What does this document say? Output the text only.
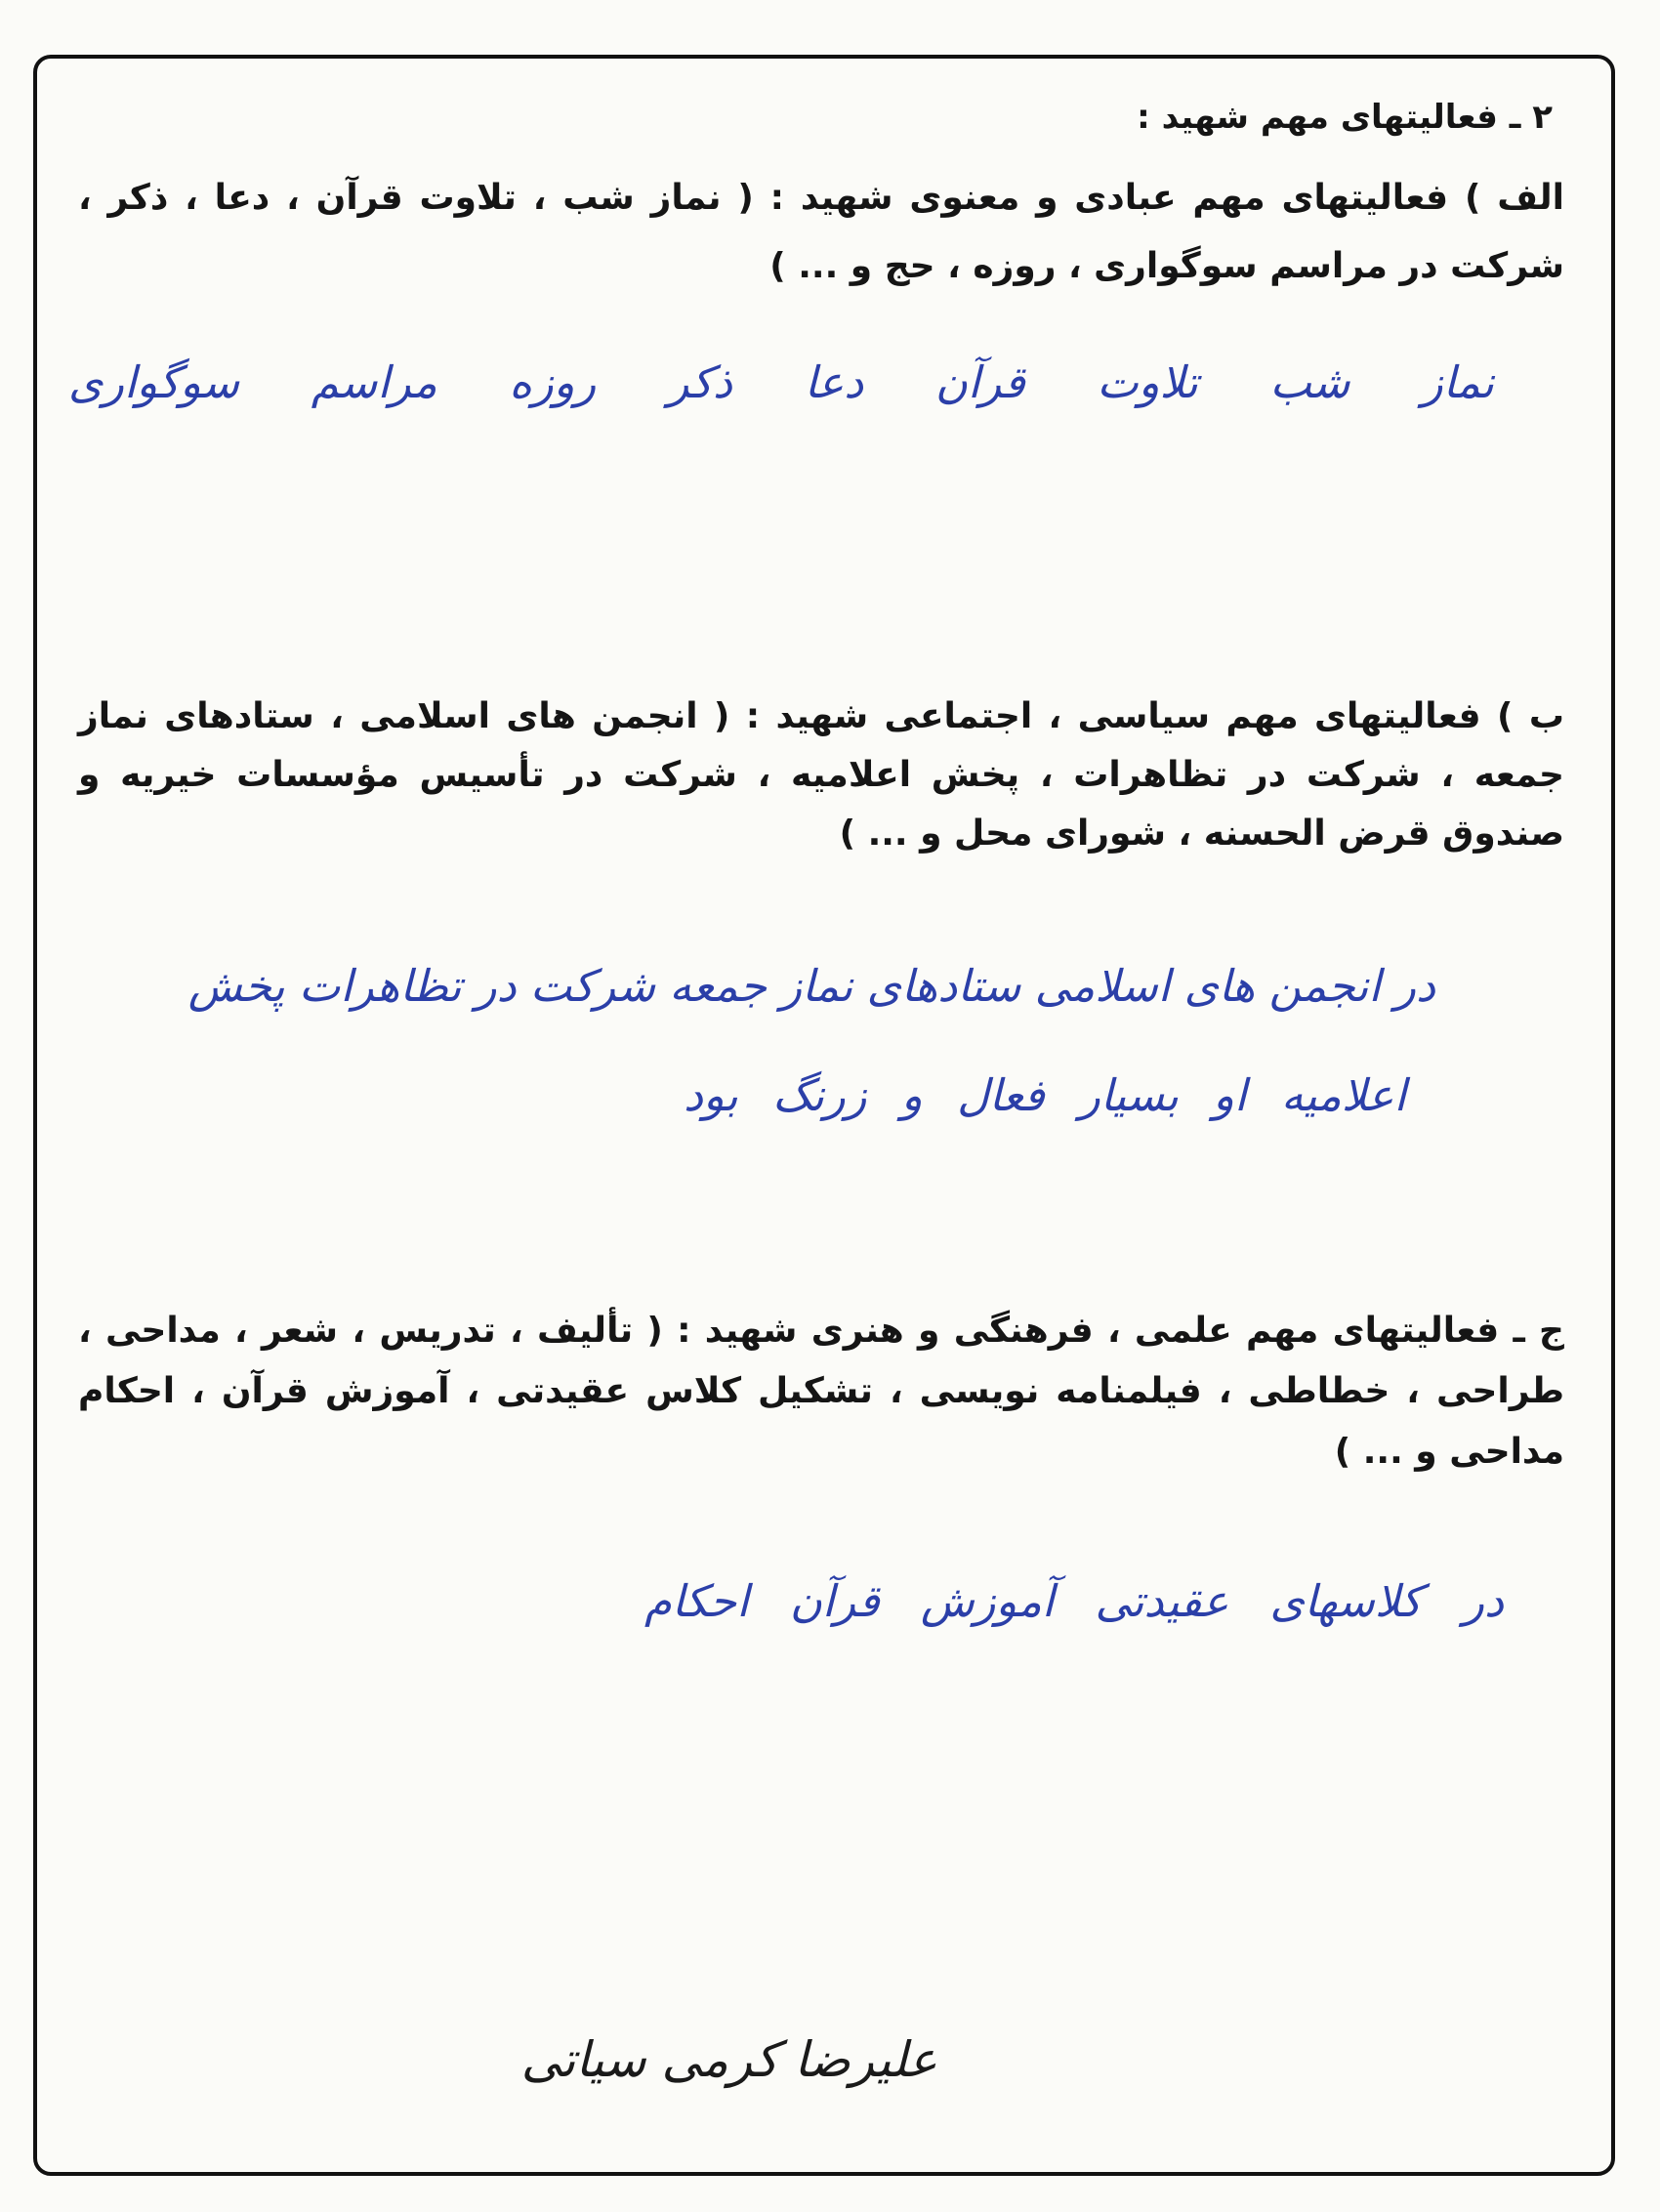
۲ ـ فعالیتهای مهم شهید :
الف ) فعالیتهای مهم عبادی و معنوی شهید : ( نماز شب ، تلاوت قرآن ، دعا ، ذکر ، شرکت در مراسم سوگواری ، روزه ، حج و ... )
نماز شب تلاوت قرآن دعا ذکر روزه مراسم سوگواری
ب ) فعالیتهای مهم سیاسی ، اجتماعی شهید : ( انجمن های اسلامی ، ستادهای نماز جمعه ، شرکت در تظاهرات ، پخش اعلامیه ، شرکت در تأسیس مؤسسات خیریه و صندوق قرض الحسنه ، شورای محل و ... )
در انجمن های اسلامی ستادهای نماز جمعه شرکت در تظاهرات پخش
اعلامیه او بسیار فعال و زرنگ بود
ج ـ فعالیتهای مهم علمی ، فرهنگی و هنری شهید : ( تألیف ، تدریس ، شعر ، مداحی ، طراحی ، خطاطی ، فیلمنامه نویسی ، تشکیل کلاس عقیدتی ، آموزش قرآن ، احکام مداحی و ... )
در کلاسهای عقیدتی آموزش قرآن احکام
علیرضا کرمی سیاتی
